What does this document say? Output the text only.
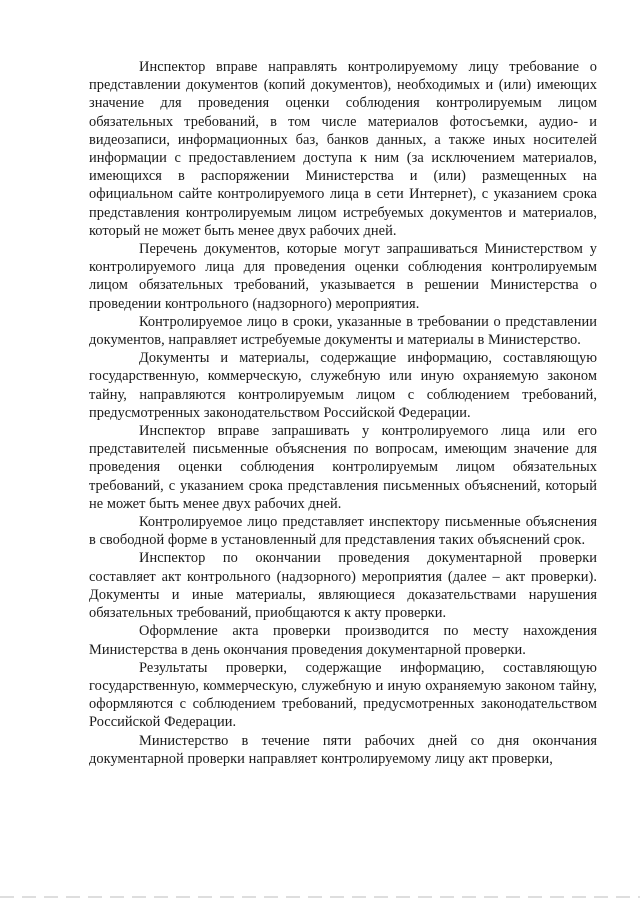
Инспектор вправе направлять контролируемому лицу требование о представлении документов (копий документов), необходимых и (или) имеющих значение для проведения оценки соблюдения контролируемым лицом обязательных требований, в том числе материалов фотосъемки, аудио- и видеозаписи, информационных баз, банков данных, а также иных носителей информации с предоставлением доступа к ним (за исключением материалов, имеющихся в распоряжении Министерства и (или) размещенных на официальном сайте контролируемого лица в сети Интернет), с указанием срока представления контролируемым лицом истребуемых документов и материалов, который не может быть менее двух рабочих дней.

Перечень документов, которые могут запрашиваться Министерством у контролируемого лица для проведения оценки соблюдения контролируемым лицом обязательных требований, указывается в решении Министерства о проведении контрольного (надзорного) мероприятия.

Контролируемое лицо в сроки, указанные в требовании о представлении документов, направляет истребуемые документы и материалы в Министерство.

Документы и материалы, содержащие информацию, составляющую государственную, коммерческую, служебную или иную охраняемую законом тайну, направляются контролируемым лицом с соблюдением требований, предусмотренных законодательством Российской Федерации.

Инспектор вправе запрашивать у контролируемого лица или его представителей письменные объяснения по вопросам, имеющим значение для проведения оценки соблюдения контролируемым лицом обязательных требований, с указанием срока представления письменных объяснений, который не может быть менее двух рабочих дней.

Контролируемое лицо представляет инспектору письменные объяснения в свободной форме в установленный для представления таких объяснений срок.

Инспектор по окончании проведения документарной проверки составляет акт контрольного (надзорного) мероприятия (далее – акт проверки). Документы и иные материалы, являющиеся доказательствами нарушения обязательных требований, приобщаются к акту проверки.

Оформление акта проверки производится по месту нахождения Министерства в день окончания проведения документарной проверки.

Результаты проверки, содержащие информацию, составляющую государственную, коммерческую, служебную и иную охраняемую законом тайну, оформляются с соблюдением требований, предусмотренных законодательством Российской Федерации.

Министерство в течение пяти рабочих дней со дня окончания документарной проверки направляет контролируемому лицу акт проверки,
